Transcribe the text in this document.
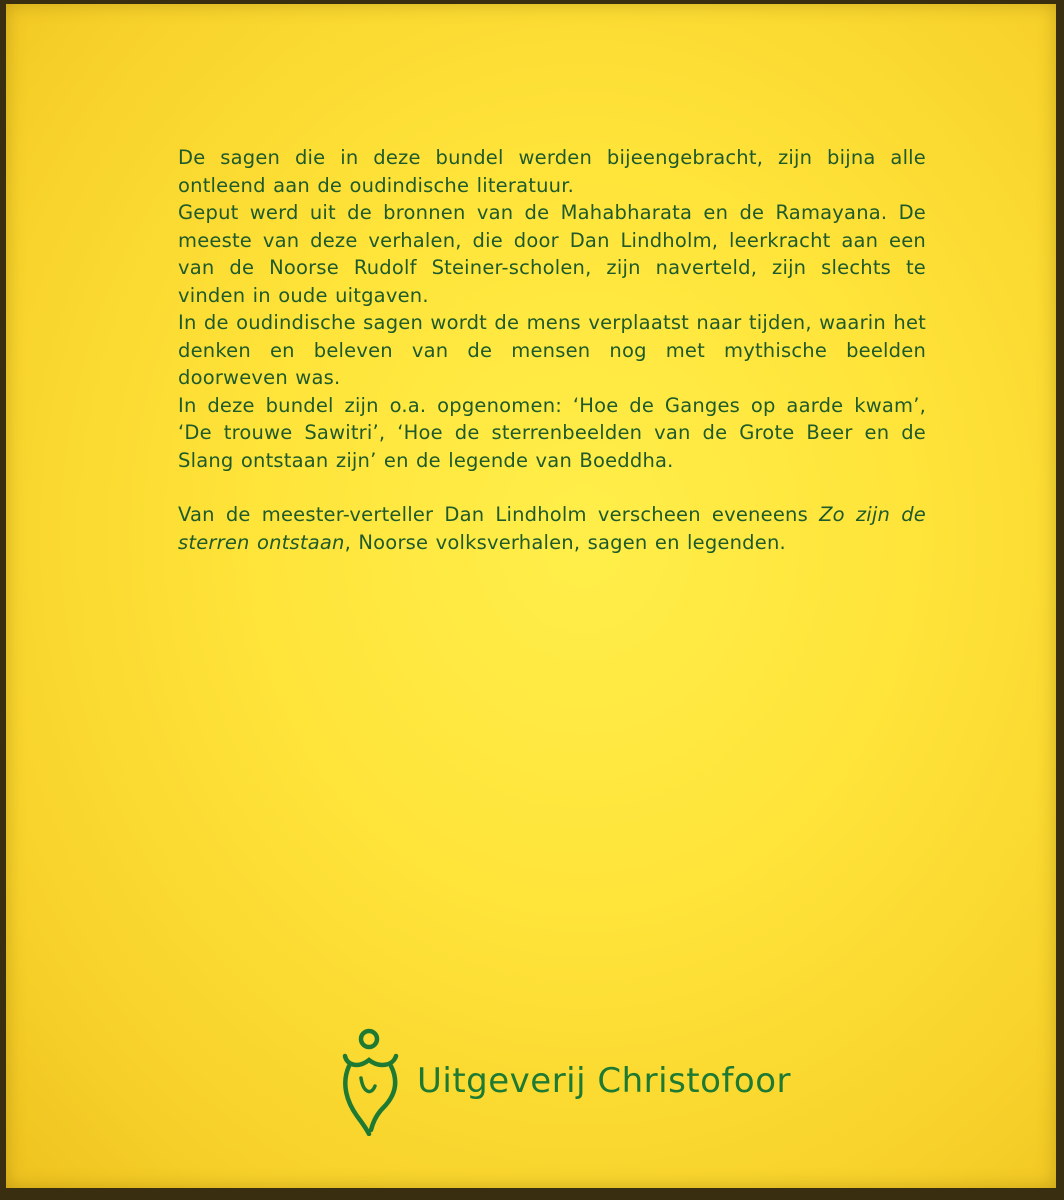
De sagen die in deze bundel werden bijeengebracht, zijn bijna alle ontleend aan de oudindische literatuur.

Geput werd uit de bronnen van de Mahabharata en de Ramayana. De meeste van deze verhalen, die door Dan Lindholm, leerkracht aan een van de Noorse Rudolf Steiner-scholen, zijn naverteld, zijn slechts te vinden in oude uitgaven.

In de oudindische sagen wordt de mens verplaatst naar tijden, waarin het denken en beleven van de mensen nog met mythische beelden doorweven was.

In deze bundel zijn o.a. opgenomen: ‘Hoe de Ganges op aarde kwam’, ‘De trouwe Sawitri’, ‘Hoe de sterrenbeelden van de Grote Beer en de Slang ontstaan zijn’ en de legende van Boeddha.

Van de meester-verteller Dan Lindholm verscheen eveneens Zo zijn de sterren ontstaan, Noorse volksverhalen, sagen en legenden.

Uitgeverij Christofoor
